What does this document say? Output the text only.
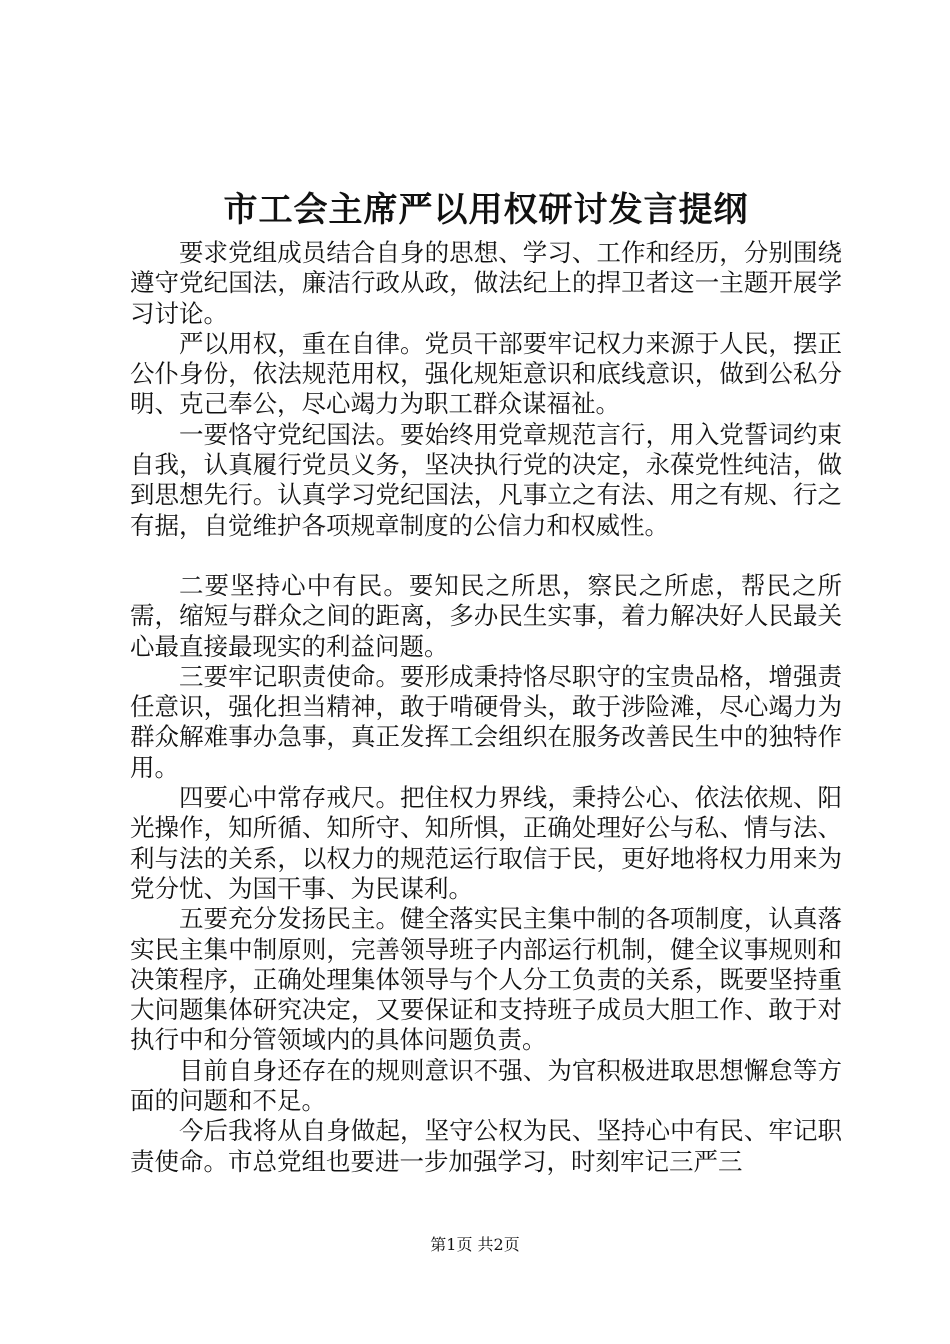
市工会主席严以用权研讨发言提纲

要求党组成员结合自身的思想、学习、工作和经历，分别围绕遵守党纪国法，廉洁行政从政，做法纪上的捍卫者这一主题开展学习讨论。

严以用权，重在自律。党员干部要牢记权力来源于人民，摆正公仆身份，依法规范用权，强化规矩意识和底线意识，做到公私分明、克己奉公，尽心竭力为职工群众谋福祉。

一要恪守党纪国法。要始终用党章规范言行，用入党誓词约束自我，认真履行党员义务，坚决执行党的决定，永葆党性纯洁，做到思想先行。认真学习党纪国法，凡事立之有法、用之有规、行之有据，自觉维护各项规章制度的公信力和权威性。

二要坚持心中有民。要知民之所思，察民之所虑，帮民之所需，缩短与群众之间的距离，多办民生实事，着力解决好人民最关心最直接最现实的利益问题。

三要牢记职责使命。要形成秉持恪尽职守的宝贵品格，增强责任意识，强化担当精神，敢于啃硬骨头，敢于涉险滩，尽心竭力为群众解难事办急事，真正发挥工会组织在服务改善民生中的独特作用。

四要心中常存戒尺。把住权力界线，秉持公心、依法依规、阳光操作，知所循、知所守、知所惧，正确处理好公与私、情与法、利与法的关系，以权力的规范运行取信于民，更好地将权力用来为党分忧、为国干事、为民谋利。

五要充分发扬民主。健全落实民主集中制的各项制度，认真落实民主集中制原则，完善领导班子内部运行机制，健全议事规则和决策程序，正确处理集体领导与个人分工负责的关系，既要坚持重大问题集体研究决定，又要保证和支持班子成员大胆工作、敢于对执行中和分管领域内的具体问题负责。

目前自身还存在的规则意识不强、为官积极进取思想懈怠等方面的问题和不足。

今后我将从自身做起，坚守公权为民、坚持心中有民、牢记职责使命。市总党组也要进一步加强学习，时刻牢记三严三

第1页 共2页
